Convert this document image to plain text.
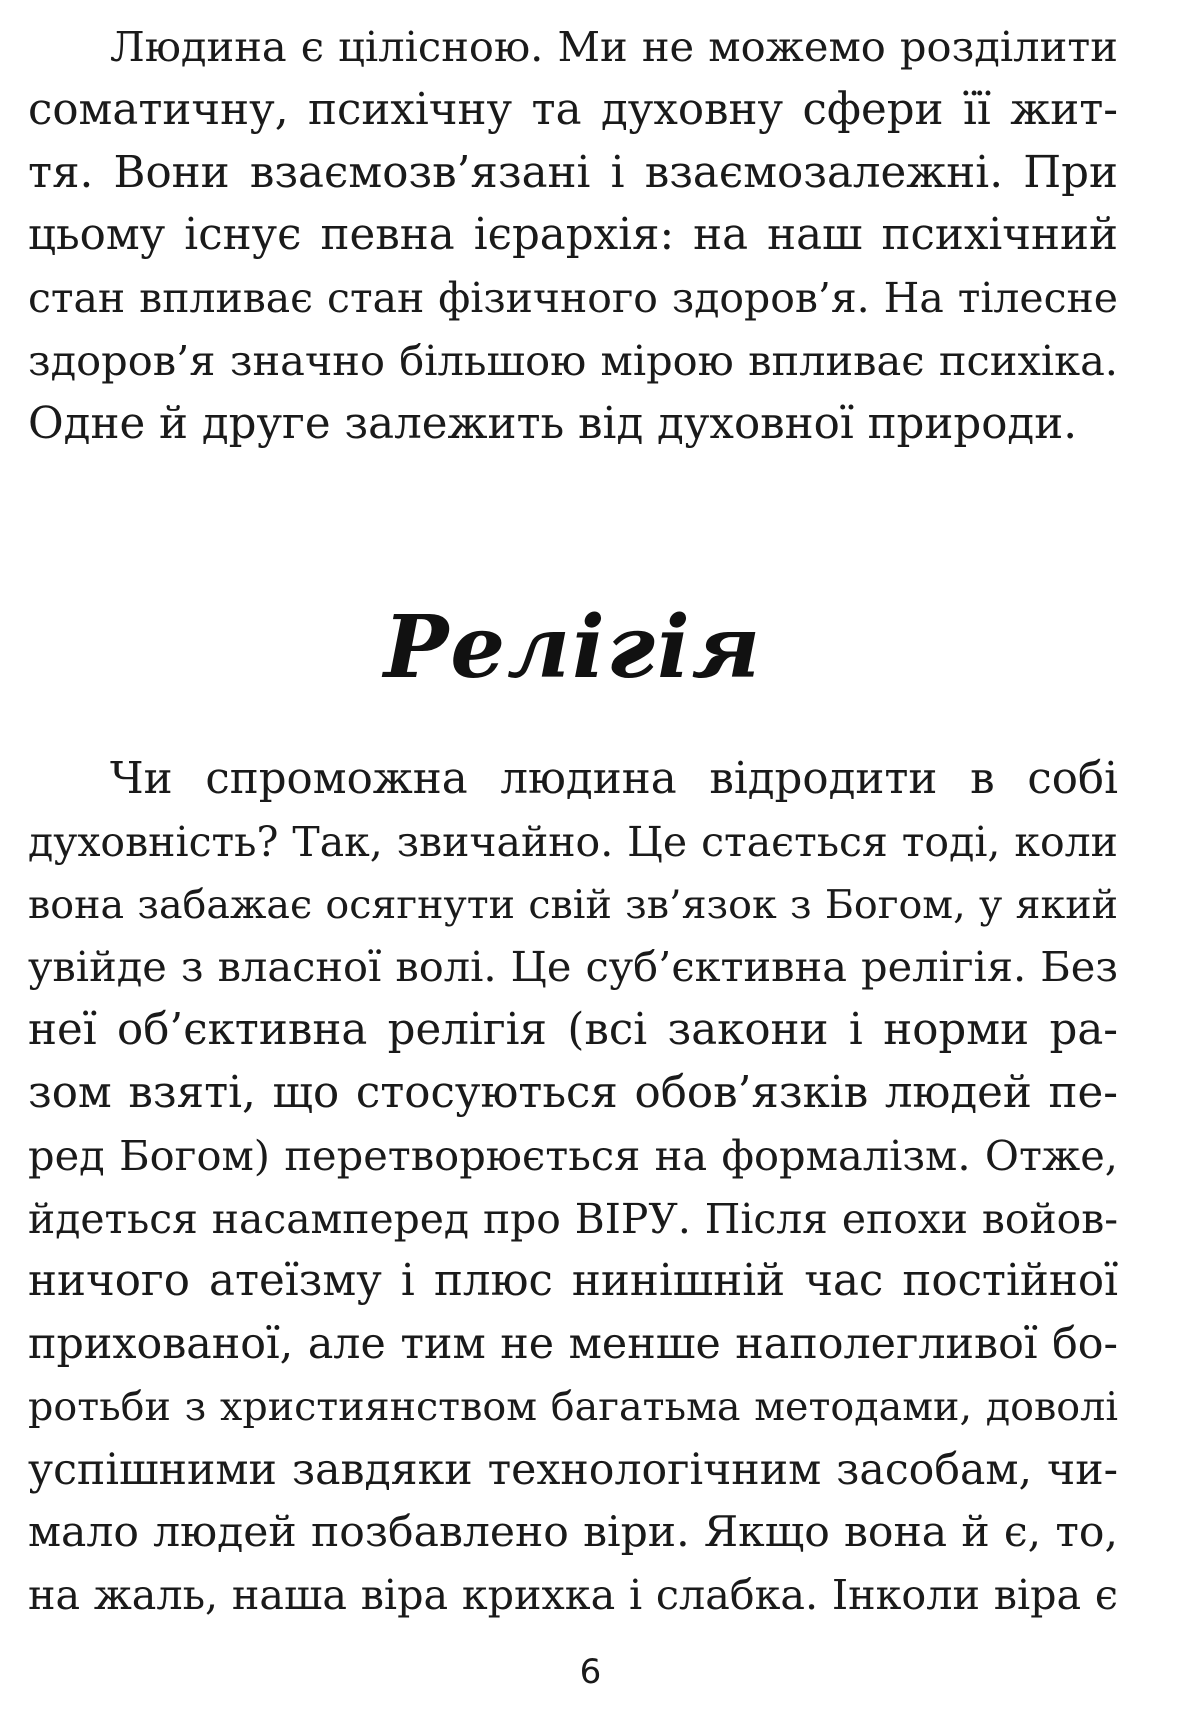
Людина є цілісною. Ми не можемо розділити
соматичну, психічну та духовну сфери її жит-
тя. Вони взаємозв’язані і взаємозалежні. При
цьому існує певна ієрархія: на наш психічний
стан впливає стан фізичного здоров’я. На тілесне
здоров’я значно більшою мірою впливає психіка.
Одне й друге залежить від духовної природи.
Релігія
Чи спроможна людина відродити в собі
духовність? Так, звичайно. Це стається тоді, коли
вона забажає осягнути свій зв’язок з Богом, у який
увійде з власної волі. Це суб’єктивна релігія. Без
неї об’єктивна релігія (всі закони і норми ра-
зом взяті, що стосуються обов’язків людей пе-
ред Богом) перетворюється на формалізм. Отже,
йдеться насамперед про ВІРУ. Після епохи войов-
ничого атеїзму і плюс нинішній час постійної
прихованої, але тим не менше наполегливої бо-
ротьби з християнством багатьма методами, доволі
успішними завдяки технологічним засобам, чи-
мало людей позбавлено віри. Якщо вона й є, то,
на жаль, наша віра крихка і слабка. Інколи віра є
6
